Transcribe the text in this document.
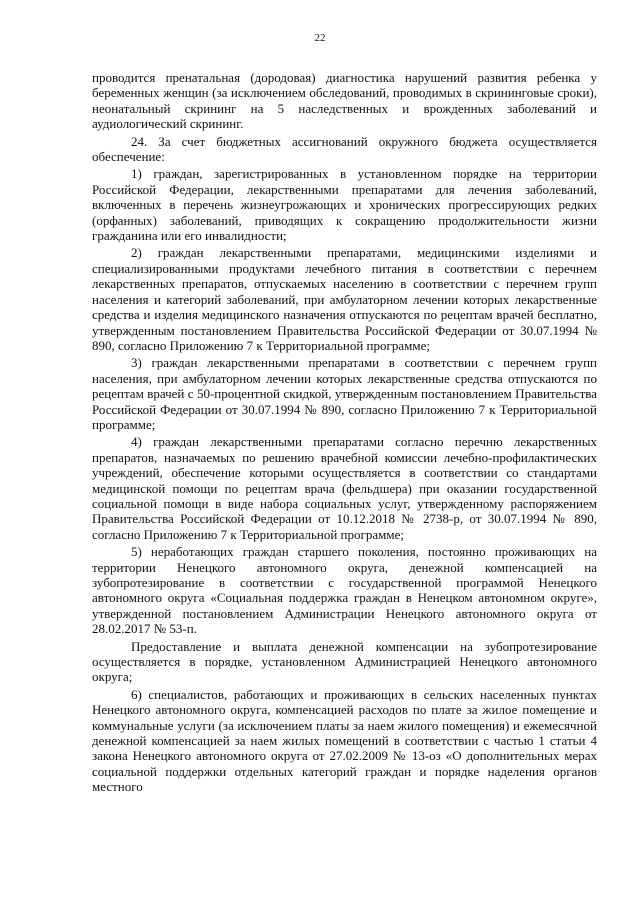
22

проводится пренатальная (дородовая) диагностика нарушений развития ребенка у беременных женщин (за исключением обследований, проводимых в скрининговые сроки), неонатальный скрининг на 5 наследственных и врожденных заболеваний и аудиологический скрининг.

24. За счет бюджетных ассигнований окружного бюджета осуществляется обеспечение:

1) граждан, зарегистрированных в установленном порядке на территории Российской Федерации, лекарственными препаратами для лечения заболеваний, включенных в перечень жизнеугрожающих и хронических прогрессирующих редких (орфанных) заболеваний, приводящих к сокращению продолжительности жизни гражданина или его инвалидности;

2) граждан лекарственными препаратами, медицинскими изделиями и специализированными продуктами лечебного питания в соответствии с перечнем лекарственных препаратов, отпускаемых населению в соответствии с перечнем групп населения и категорий заболеваний, при амбулаторном лечении которых лекарственные средства и изделия медицинского назначения отпускаются по рецептам врачей бесплатно, утвержденным постановлением Правительства Российской Федерации от 30.07.1994 № 890, согласно Приложению 7 к Территориальной программе;

3) граждан лекарственными препаратами в соответствии с перечнем групп населения, при амбулаторном лечении которых лекарственные средства отпускаются по рецептам врачей с 50-процентной скидкой, утвержденным постановлением Правительства Российской Федерации от 30.07.1994 № 890, согласно Приложению 7 к Территориальной программе;

4) граждан лекарственными препаратами согласно перечню лекарственных препаратов, назначаемых по решению врачебной комиссии лечебно-профилактических учреждений, обеспечение которыми осуществляется в соответствии со стандартами медицинской помощи по рецептам врача (фельдшера) при оказании государственной социальной помощи в виде набора социальных услуг, утвержденному распоряжением Правительства Российской Федерации от 10.12.2018 № 2738-р, от 30.07.1994 № 890, согласно Приложению 7 к Территориальной программе;

5) неработающих граждан старшего поколения, постоянно проживающих на территории Ненецкого автономного округа, денежной компенсацией на зубопротезирование в соответствии с государственной программой Ненецкого автономного округа «Социальная поддержка граждан в Ненецком автономном округе», утвержденной постановлением Администрации Ненецкого автономного округа от 28.02.2017 № 53-п.

Предоставление и выплата денежной компенсации на зубопротезирование осуществляется в порядке, установленном Администрацией Ненецкого автономного округа;

6) специалистов, работающих и проживающих в сельских населенных пунктах Ненецкого автономного округа, компенсацией расходов по плате за жилое помещение и коммунальные услуги (за исключением платы за наем жилого помещения) и ежемесячной денежной компенсацией за наем жилых помещений в соответствии с частью 1 статьи 4 закона Ненецкого автономного округа от 27.02.2009 № 13-оз «О дополнительных мерах социальной поддержки отдельных категорий граждан и порядке наделения органов местного
